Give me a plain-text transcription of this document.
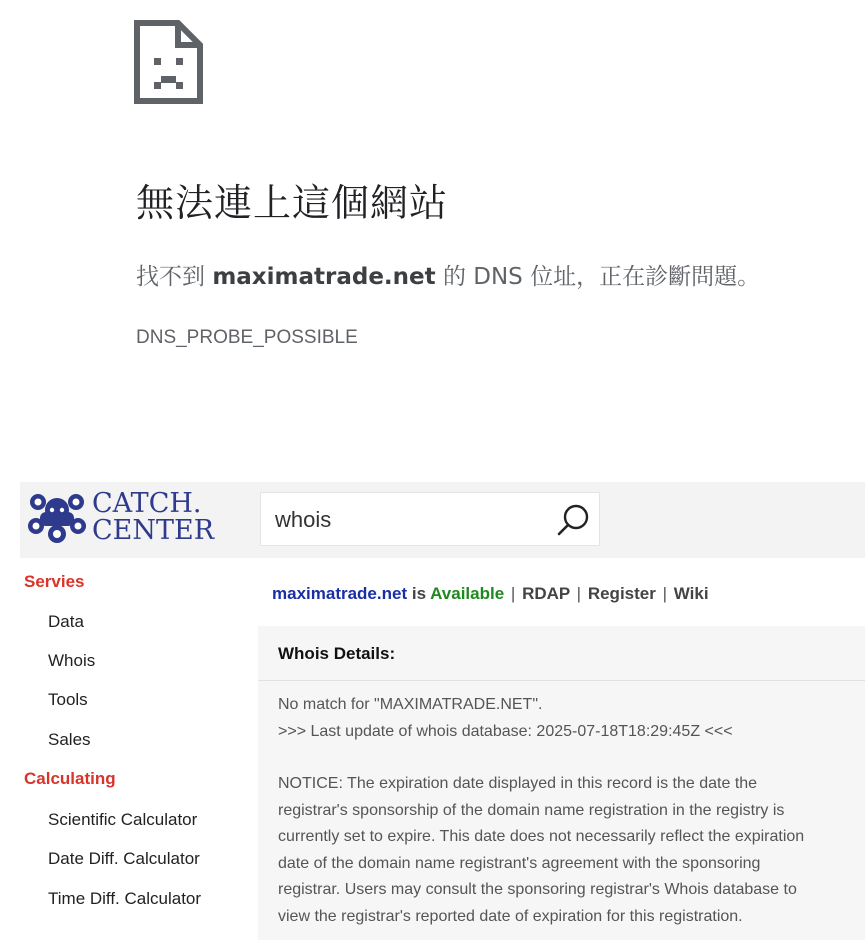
無法連上這個網站
找不到 maximatrade.net 的 DNS 位址，正在診斷問題。
DNS_PROBE_POSSIBLE
CATCH.
CENTER
whois
Servies
Data
Whois
Tools
Sales
Calculating
Scientific Calculator
Date Diff. Calculator
Time Diff. Calculator
maximatrade.net is Available | RDAP | Register | Wiki
Whois Details:

No match for "MAXIMATRADE.NET".

>>> Last update of whois database: 2025-07-18T18:29:45Z <<<

NOTICE: The expiration date displayed in this record is the date the

registrar's sponsorship of the domain name registration in the registry is

currently set to expire. This date does not necessarily reflect the expiration

date of the domain name registrant's agreement with the sponsoring

registrar. Users may consult the sponsoring registrar's Whois database to

view the registrar's reported date of expiration for this registration.
